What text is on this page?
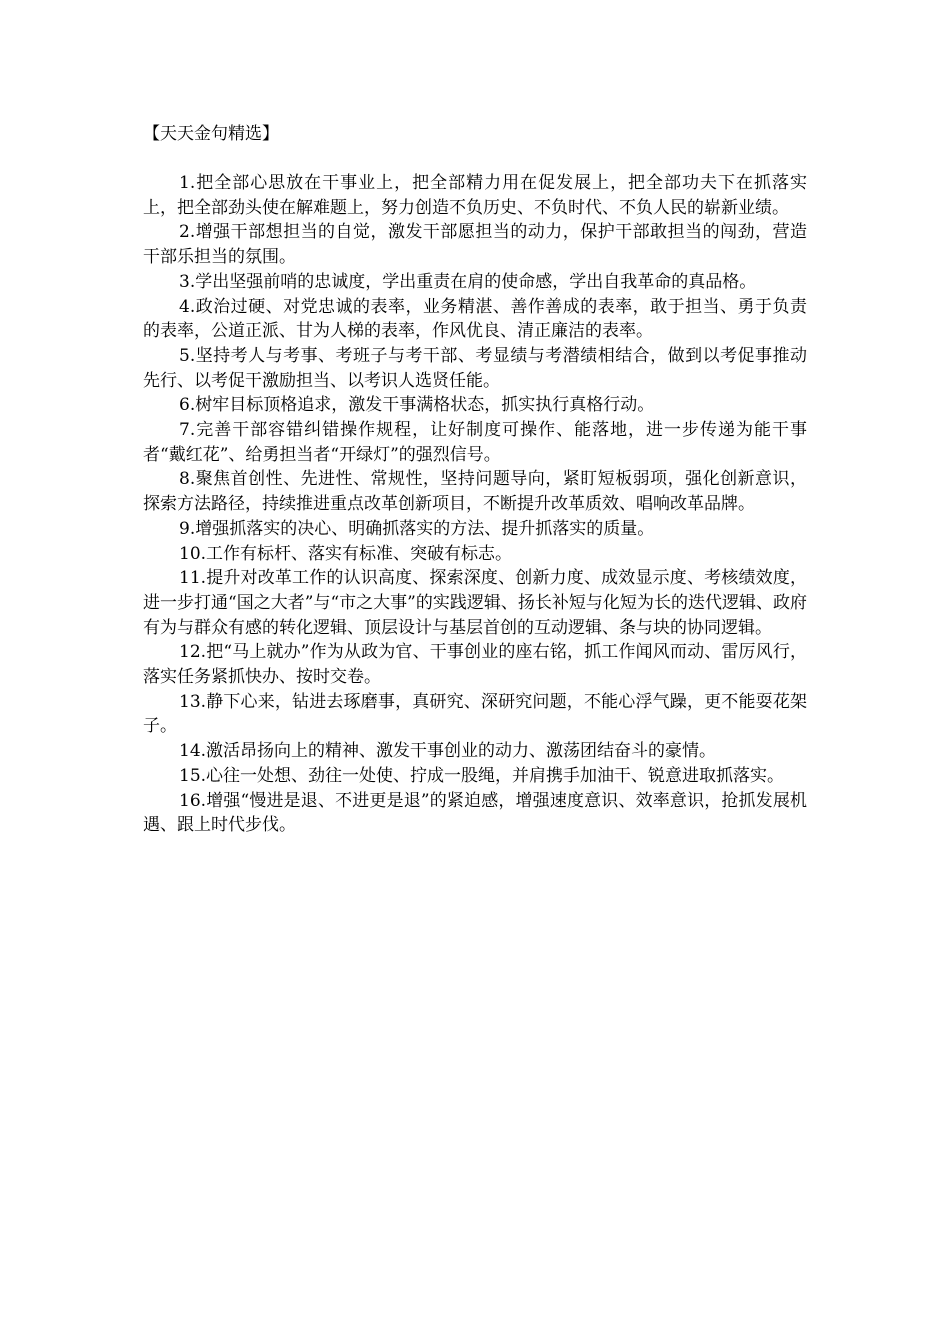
【天天金句精选】

1.把全部心思放在干事业上，把全部精力用在促发展上，把全部功夫下在抓落实上，把全部劲头使在解难题上，努力创造不负历史、不负时代、不负人民的崭新业绩。

2.增强干部想担当的自觉，激发干部愿担当的动力，保护干部敢担当的闯劲，营造干部乐担当的氛围。

3.学出坚强前哨的忠诚度，学出重责在肩的使命感，学出自我革命的真品格。

4.政治过硬、对党忠诚的表率，业务精湛、善作善成的表率，敢于担当、勇于负责的表率，公道正派、甘为人梯的表率，作风优良、清正廉洁的表率。

5.坚持考人与考事、考班子与考干部、考显绩与考潜绩相结合，做到以考促事推动先行、以考促干激励担当、以考识人选贤任能。

6.树牢目标顶格追求，激发干事满格状态，抓实执行真格行动。

7.完善干部容错纠错操作规程，让好制度可操作、能落地，进一步传递为能干事者“戴红花”、给勇担当者“开绿灯”的强烈信号。

8.聚焦首创性、先进性、常规性，坚持问题导向，紧盯短板弱项，强化创新意识，探索方法路径，持续推进重点改革创新项目，不断提升改革质效、唱响改革品牌。

9.增强抓落实的决心、明确抓落实的方法、提升抓落实的质量。

10.工作有标杆、落实有标准、突破有标志。

11.提升对改革工作的认识高度、探索深度、创新力度、成效显示度、考核绩效度，进一步打通“国之大者”与“市之大事”的实践逻辑、扬长补短与化短为长的迭代逻辑、政府有为与群众有感的转化逻辑、顶层设计与基层首创的互动逻辑、条与块的协同逻辑。

12.把“马上就办”作为从政为官、干事创业的座右铭，抓工作闻风而动、雷厉风行，落实任务紧抓快办、按时交卷。

13.静下心来，钻进去琢磨事，真研究、深研究问题，不能心浮气躁，更不能耍花架子。

14.激活昂扬向上的精神、激发干事创业的动力、激荡团结奋斗的豪情。

15.心往一处想、劲往一处使、拧成一股绳，并肩携手加油干、锐意进取抓落实。

16.增强“慢进是退、不进更是退”的紧迫感，增强速度意识、效率意识，抢抓发展机遇、跟上时代步伐。
